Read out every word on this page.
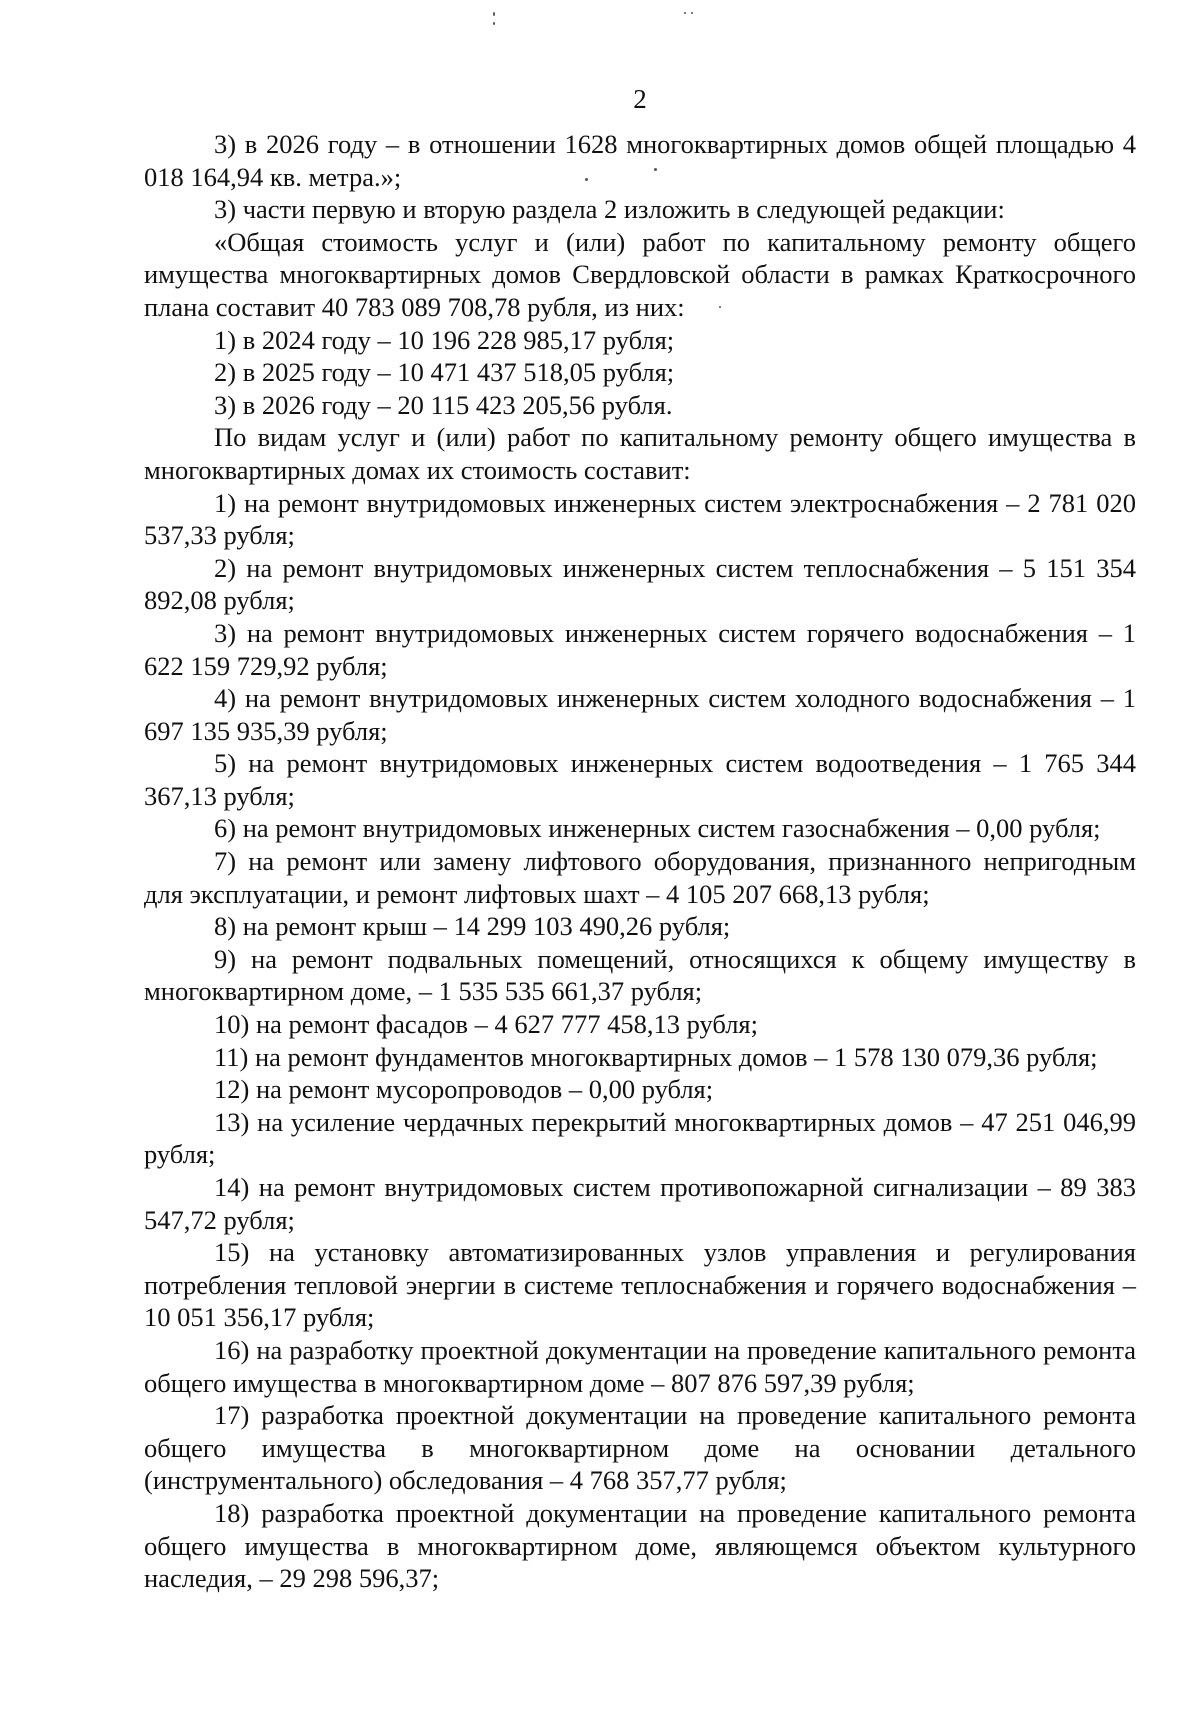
2

3) в 2026 году – в отношении 1628 многоквартирных домов общей площадью 4 018 164,94 кв. метра.»;

3) части первую и вторую раздела 2 изложить в следующей редакции:

«Общая стоимость услуг и (или) работ по капитальному ремонту общего имущества многоквартирных домов Свердловской области в рамках Краткосрочного плана составит 40 783 089 708,78 рубля, из них:

1) в 2024 году – 10 196 228 985,17 рубля;

2) в 2025 году – 10 471 437 518,05 рубля;

3) в 2026 году – 20 115 423 205,56 рубля.

По видам услуг и (или) работ по капитальному ремонту общего имущества в многоквартирных домах их стоимость составит:

1) на ремонт внутридомовых инженерных систем электроснабжения – 2 781 020 537,33 рубля;

2) на ремонт внутридомовых инженерных систем теплоснабжения – 5 151 354 892,08 рубля;

3) на ремонт внутридомовых инженерных систем горячего водоснабжения – 1 622 159 729,92 рубля;

4) на ремонт внутридомовых инженерных систем холодного водоснабжения – 1 697 135 935,39 рубля;

5) на ремонт внутридомовых инженерных систем водоотведения – 1 765 344 367,13 рубля;

6) на ремонт внутридомовых инженерных систем газоснабжения – 0,00 рубля;

7) на ремонт или замену лифтового оборудования, признанного непригодным для эксплуатации, и ремонт лифтовых шахт – 4 105 207 668,13 рубля;

8) на ремонт крыш – 14 299 103 490,26 рубля;

9) на ремонт подвальных помещений, относящихся к общему имуществу в многоквартирном доме, – 1 535 535 661,37 рубля;

10) на ремонт фасадов – 4 627 777 458,13 рубля;

11) на ремонт фундаментов многоквартирных домов – 1 578 130 079,36 рубля;

12) на ремонт мусоропроводов – 0,00 рубля;

13) на усиление чердачных перекрытий многоквартирных домов – 47 251 046,99 рубля;

14) на ремонт внутридомовых систем противопожарной сигнализации – 89 383 547,72 рубля;

15) на установку автоматизированных узлов управления и регулирования потребления тепловой энергии в системе теплоснабжения и горячего водоснабжения – 10 051 356,17 рубля;

16) на разработку проектной документации на проведение капитального ремонта общего имущества в многоквартирном доме – 807 876 597,39 рубля;

17) разработка проектной документации на проведение капитального ремонта общего имущества в многоквартирном доме на основании детального (инструментального) обследования – 4 768 357,77 рубля;

18) разработка проектной документации на проведение капитального ремонта общего имущества в многоквартирном доме, являющемся объектом культурного наследия, – 29 298 596,37;
